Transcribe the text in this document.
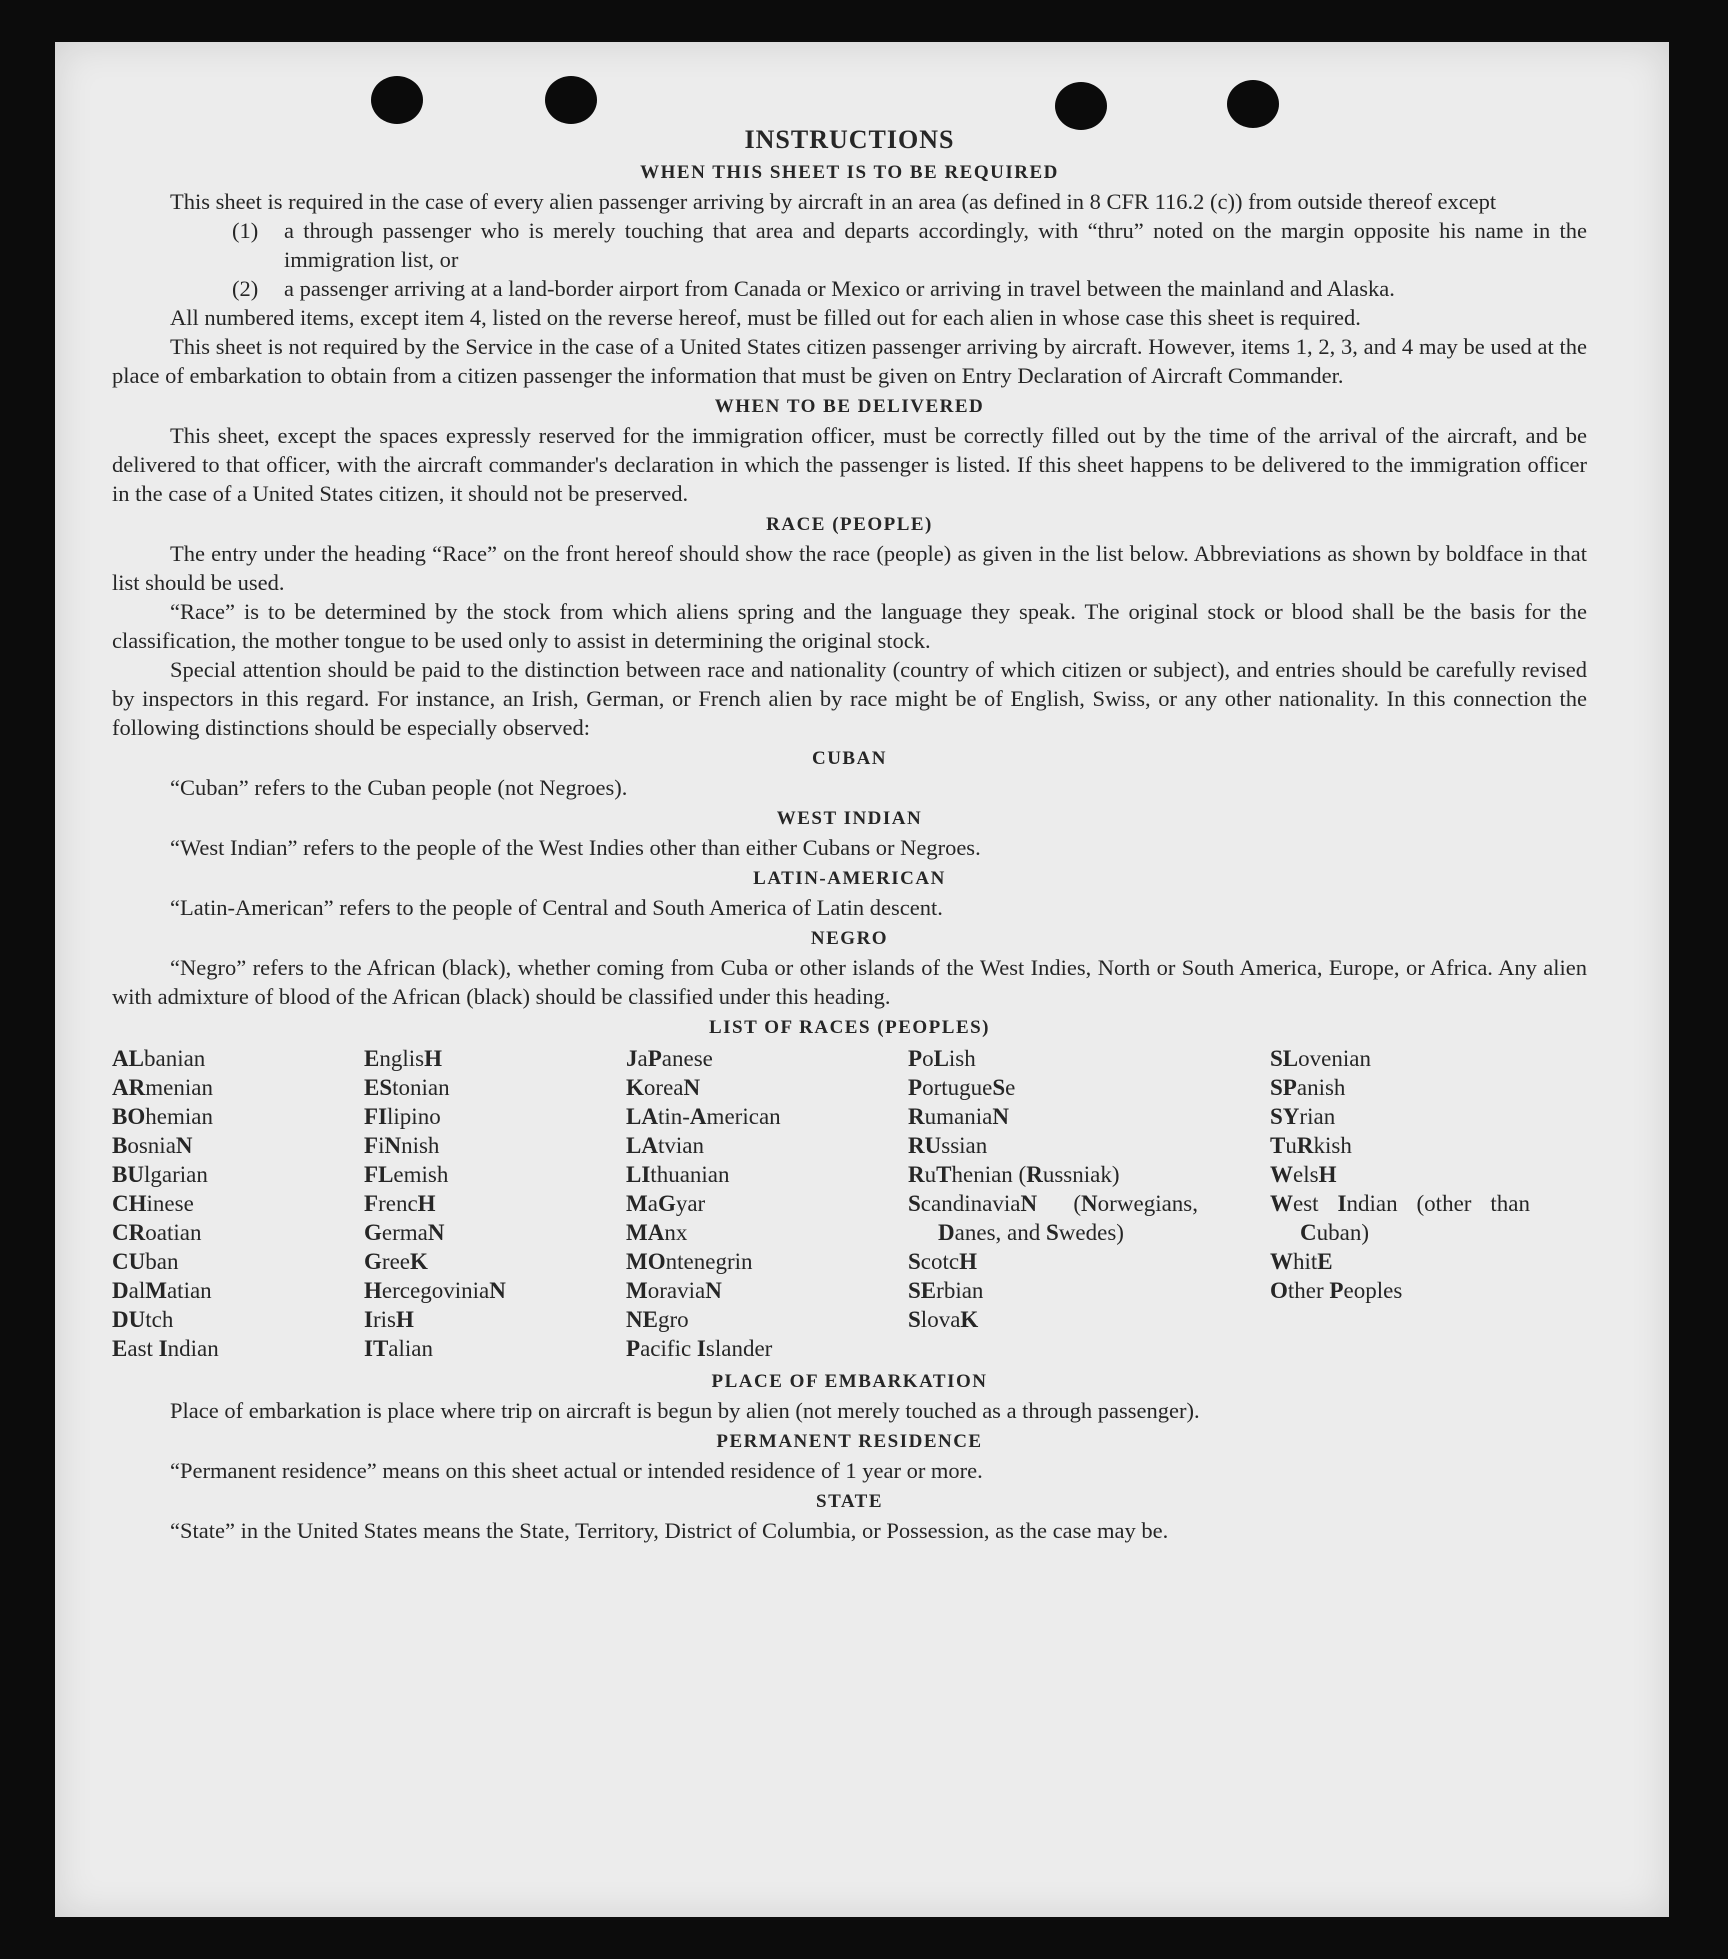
INSTRUCTIONS
WHEN THIS SHEET IS TO BE REQUIRED

This sheet is required in the case of every alien passenger arriving by aircraft in an area (as defined in 8 CFR 116.2 (c)) from outside thereof except

(1)	a through passenger who is merely touching that area and departs accordingly, with “thru” noted on the margin opposite his name in the immigration list, or
(2)	a passenger arriving at a land-border airport from Canada or Mexico or arriving in travel between the mainland and Alaska.

All numbered items, except item 4, listed on the reverse hereof, must be filled out for each alien in whose case this sheet is required.

This sheet is not required by the Service in the case of a United States citizen passenger arriving by aircraft. However, items 1, 2, 3, and 4 may be used at the place of embarkation to obtain from a citizen passenger the information that must be given on Entry Declaration of Aircraft Commander.

WHEN TO BE DELIVERED

This sheet, except the spaces expressly reserved for the immigration officer, must be correctly filled out by the time of the arrival of the aircraft, and be delivered to that officer, with the aircraft commander's declaration in which the passenger is listed. If this sheet happens to be delivered to the immigration officer in the case of a United States citizen, it should not be preserved.

RACE (PEOPLE)

The entry under the heading “Race” on the front hereof should show the race (people) as given in the list below. Abbreviations as shown by boldface in that list should be used.

“Race” is to be determined by the stock from which aliens spring and the language they speak. The original stock or blood shall be the basis for the classification, the mother tongue to be used only to assist in determining the original stock.

Special attention should be paid to the distinction between race and nationality (country of which citizen or subject), and entries should be carefully revised by inspectors in this regard. For instance, an Irish, German, or French alien by race might be of English, Swiss, or any other nationality. In this connection the following distinctions should be especially observed:

CUBAN

“Cuban” refers to the Cuban people (not Negroes).

WEST INDIAN

“West Indian” refers to the people of the West Indies other than either Cubans or Negroes.

LATIN-AMERICAN

“Latin-American” refers to the people of Central and South America of Latin descent.

NEGRO

“Negro” refers to the African (black), whether coming from Cuba or other islands of the West Indies, North or South America, Europe, or Africa. Any alien with admixture of blood of the African (black) should be classified under this heading.

LIST OF RACES (PEOPLES)
ALbanian
ARmenian
BOhemian
BosniaN
BUlgarian
CHinese
CRoatian
CUban
DalMatian
DUtch
East Indian
EnglisH
EStonian
FIlipino
FiNnish
FLemish
FrencH
GermaN
GreeK
HercegoviniaN
IrisH
ITalian
JaPanese
KoreaN
LAtin-American
LAtvian
LIthuanian
MaGyar
MAnx
MOntenegrin
MoraviaN
NEgro
Pacific Islander
PoLish
PortugueSe
RumaniaN
RUssian
RuThenian (Russniak)
ScandinaviaN (Norwegians, Danes, and Swedes)
ScotcH
SErbian
SlovaK
SLovenian
SPanish
SYrian
TuRkish
WelsH
West Indian (other than Cuban)
WhitE
Other Peoples
PLACE OF EMBARKATION

Place of embarkation is place where trip on aircraft is begun by alien (not merely touched as a through passenger).

PERMANENT RESIDENCE

“Permanent residence” means on this sheet actual or intended residence of 1 year or more.

STATE

“State” in the United States means the State, Territory, District of Columbia, or Possession, as the case may be.
